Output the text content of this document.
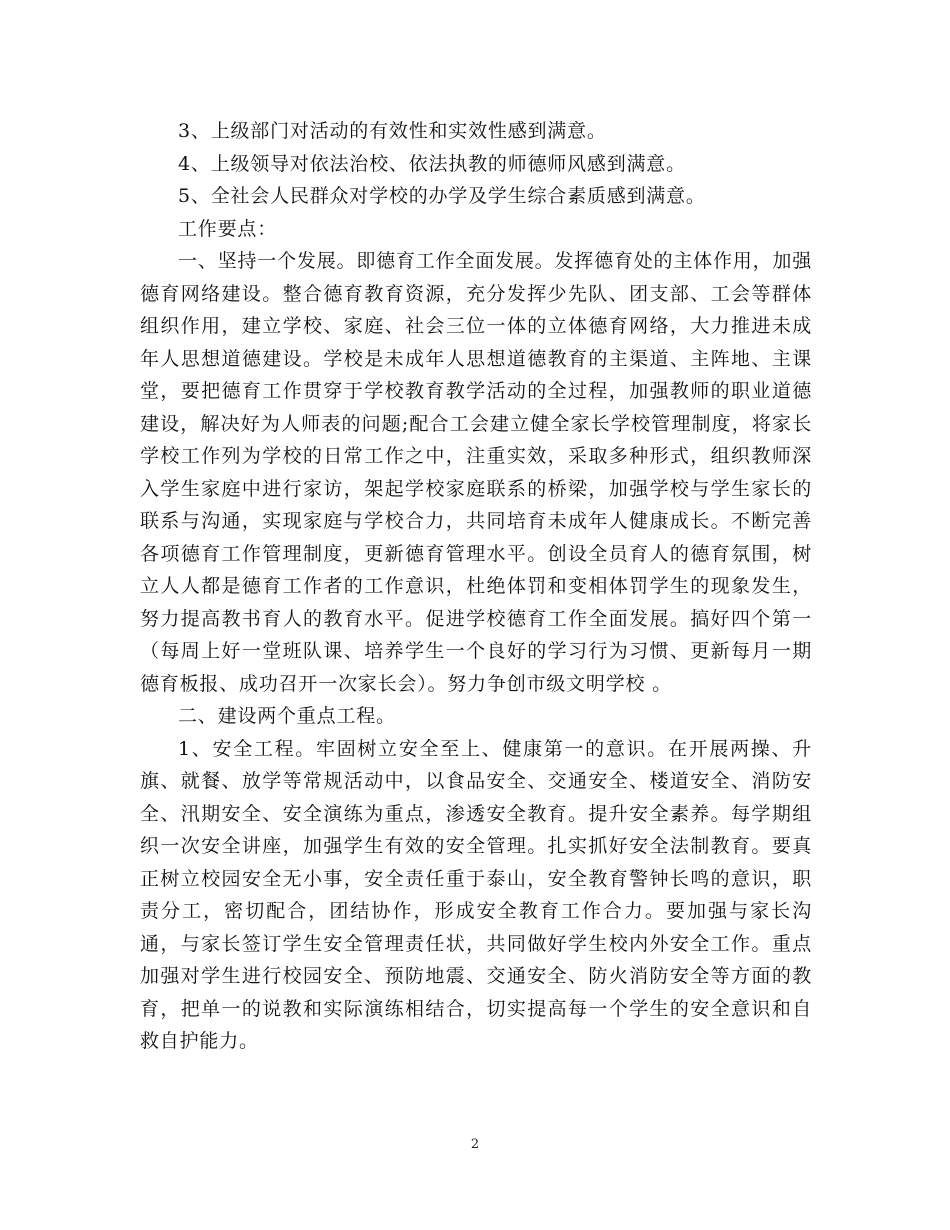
3、上级部门对活动的有效性和实效性感到满意。

4、上级领导对依法治校、依法执教的师德师风感到满意。

5、全社会人民群众对学校的办学及学生综合素质感到满意。

工作要点：

一、坚持一个发展。即德育工作全面发展。发挥德育处的主体作用，加强德育网络建设。整合德育教育资源，充分发挥少先队、团支部、工会等群体组织作用，建立学校、家庭、社会三位一体的立体德育网络，大力推进未成年人思想道德建设。学校是未成年人思想道德教育的主渠道、主阵地、主课堂，要把德育工作贯穿于学校教育教学活动的全过程，加强教师的职业道德建设，解决好为人师表的问题;配合工会建立健全家长学校管理制度，将家长学校工作列为学校的日常工作之中，注重实效，采取多种形式，组织教师深入学生家庭中进行家访，架起学校家庭联系的桥梁，加强学校与学生家长的联系与沟通，实现家庭与学校合力，共同培育未成年人健康成长。不断完善各项德育工作管理制度，更新德育管理水平。创设全员育人的德育氛围，树立人人都是德育工作者的工作意识，杜绝体罚和变相体罚学生的现象发生，努力提高教书育人的教育水平。促进学校德育工作全面发展。搞好四个第一（每周上好一堂班队课、培养学生一个良好的学习行为习惯、更新每月一期德育板报、成功召开一次家长会）。努力争创市级文明学校 。

二、建设两个重点工程。

1、安全工程。牢固树立安全至上、健康第一的意识。在开展两操、升旗、就餐、放学等常规活动中，以食品安全、交通安全、楼道安全、消防安全、汛期安全、安全演练为重点，渗透安全教育。提升安全素养。每学期组织一次安全讲座，加强学生有效的安全管理。扎实抓好安全法制教育。要真正树立校园安全无小事，安全责任重于泰山，安全教育警钟长鸣的意识，职责分工，密切配合，团结协作，形成安全教育工作合力。要加强与家长沟通，与家长签订学生安全管理责任状，共同做好学生校内外安全工作。重点加强对学生进行校园安全、预防地震、交通安全、防火消防安全等方面的教育，把单一的说教和实际演练相结合，切实提高每一个学生的安全意识和自救自护能力。

2
